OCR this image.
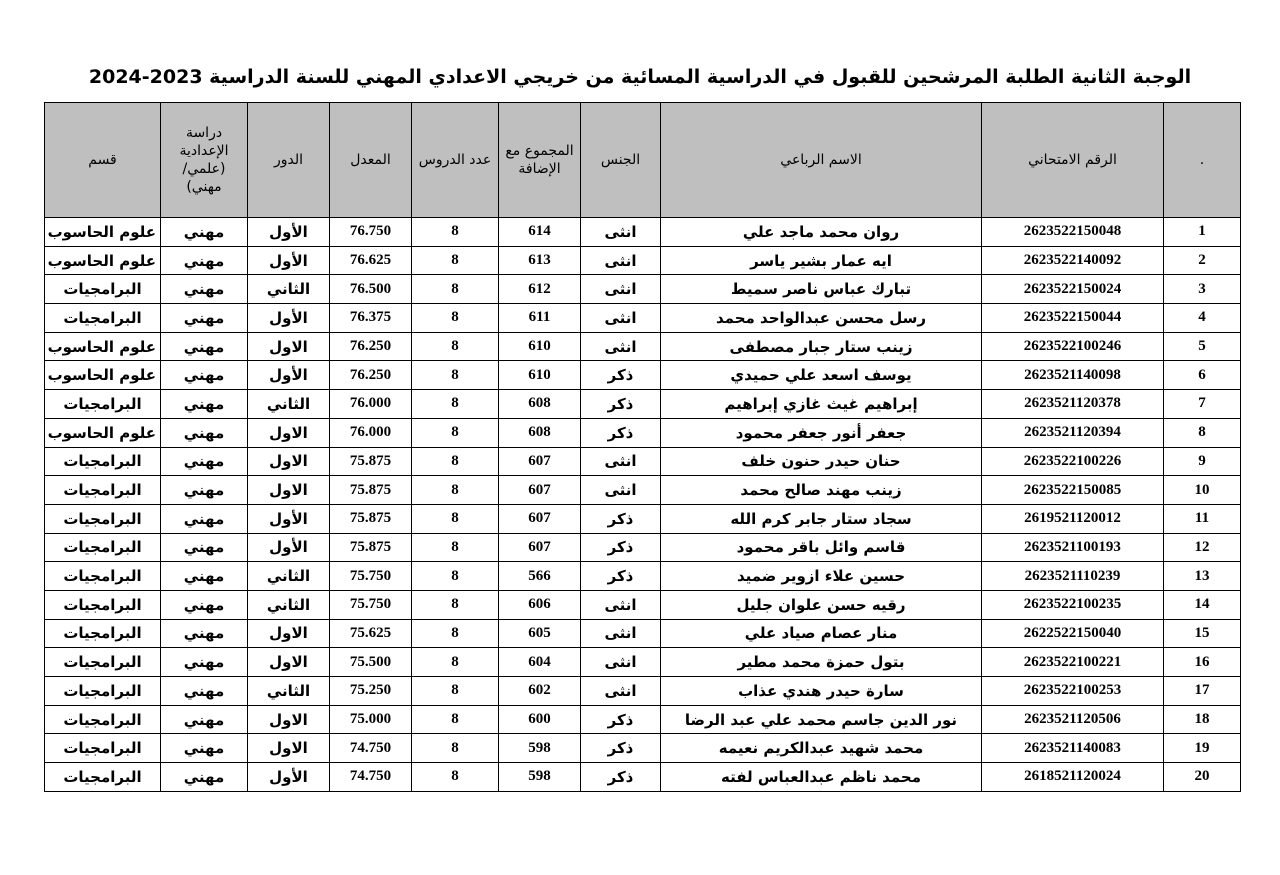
الوجبة الثانية الطلبة المرشحين للقبول في الدراسية المسائية من خريجي الاعدادي المهني للسنة الدراسية 2023-2024
.	الرقم الامتحاني	الاسم الرباعي	الجنس	المجموع مع الإضافة	عدد الدروس	المعدل	الدور	دراسة الإعدادية (علمي/مهني)	قسم
1	2623522150048	روان محمد ماجد علي	انثى	614	8	76.750	الأول	مهني	علوم الحاسوب
2	2623522140092	ايه عمار بشير ياسر	انثى	613	8	76.625	الأول	مهني	علوم الحاسوب
3	2623522150024	تبارك عباس ناصر سميط	انثى	612	8	76.500	الثاني	مهني	البرامجيات
4	2623522150044	رسل محسن عبدالواحد محمد	انثى	611	8	76.375	الأول	مهني	البرامجيات
5	2623522100246	زينب ستار جبار مصطفى	انثى	610	8	76.250	الاول	مهني	علوم الحاسوب
6	2623521140098	يوسف اسعد علي حميدي	ذكر	610	8	76.250	الأول	مهني	علوم الحاسوب
7	2623521120378	إبراهيم غيث غازي إبراهيم	ذكر	608	8	76.000	الثاني	مهني	البرامجيات
8	2623521120394	جعفر أنور جعفر محمود	ذكر	608	8	76.000	الاول	مهني	علوم الحاسوب
9	2623522100226	حنان حيدر حنون خلف	انثى	607	8	75.875	الاول	مهني	البرامجيات
10	2623522150085	زينب مهند صالح محمد	انثى	607	8	75.875	الاول	مهني	البرامجيات
11	2619521120012	سجاد ستار جابر كرم الله	ذكر	607	8	75.875	الأول	مهني	البرامجيات
12	2623521100193	قاسم وائل باقر محمود	ذكر	607	8	75.875	الأول	مهني	البرامجيات
13	2623521110239	حسين علاء ازوير ضميد	ذكر	566	8	75.750	الثاني	مهني	البرامجيات
14	2623522100235	رقيه حسن علوان جليل	انثى	606	8	75.750	الثاني	مهني	البرامجيات
15	2622522150040	منار عصام صياد علي	انثى	605	8	75.625	الاول	مهني	البرامجيات
16	2623522100221	بتول حمزة محمد مطير	انثى	604	8	75.500	الاول	مهني	البرامجيات
17	2623522100253	سارة حيدر هندي عذاب	انثى	602	8	75.250	الثاني	مهني	البرامجيات
18	2623521120506	نور الدين جاسم محمد علي عبد الرضا	ذكر	600	8	75.000	الاول	مهني	البرامجيات
19	2623521140083	محمد شهيد عبدالكريم نعيمه	ذكر	598	8	74.750	الاول	مهني	البرامجيات
20	2618521120024	محمد ناظم عبدالعباس لفته	ذكر	598	8	74.750	الأول	مهني	البرامجيات
